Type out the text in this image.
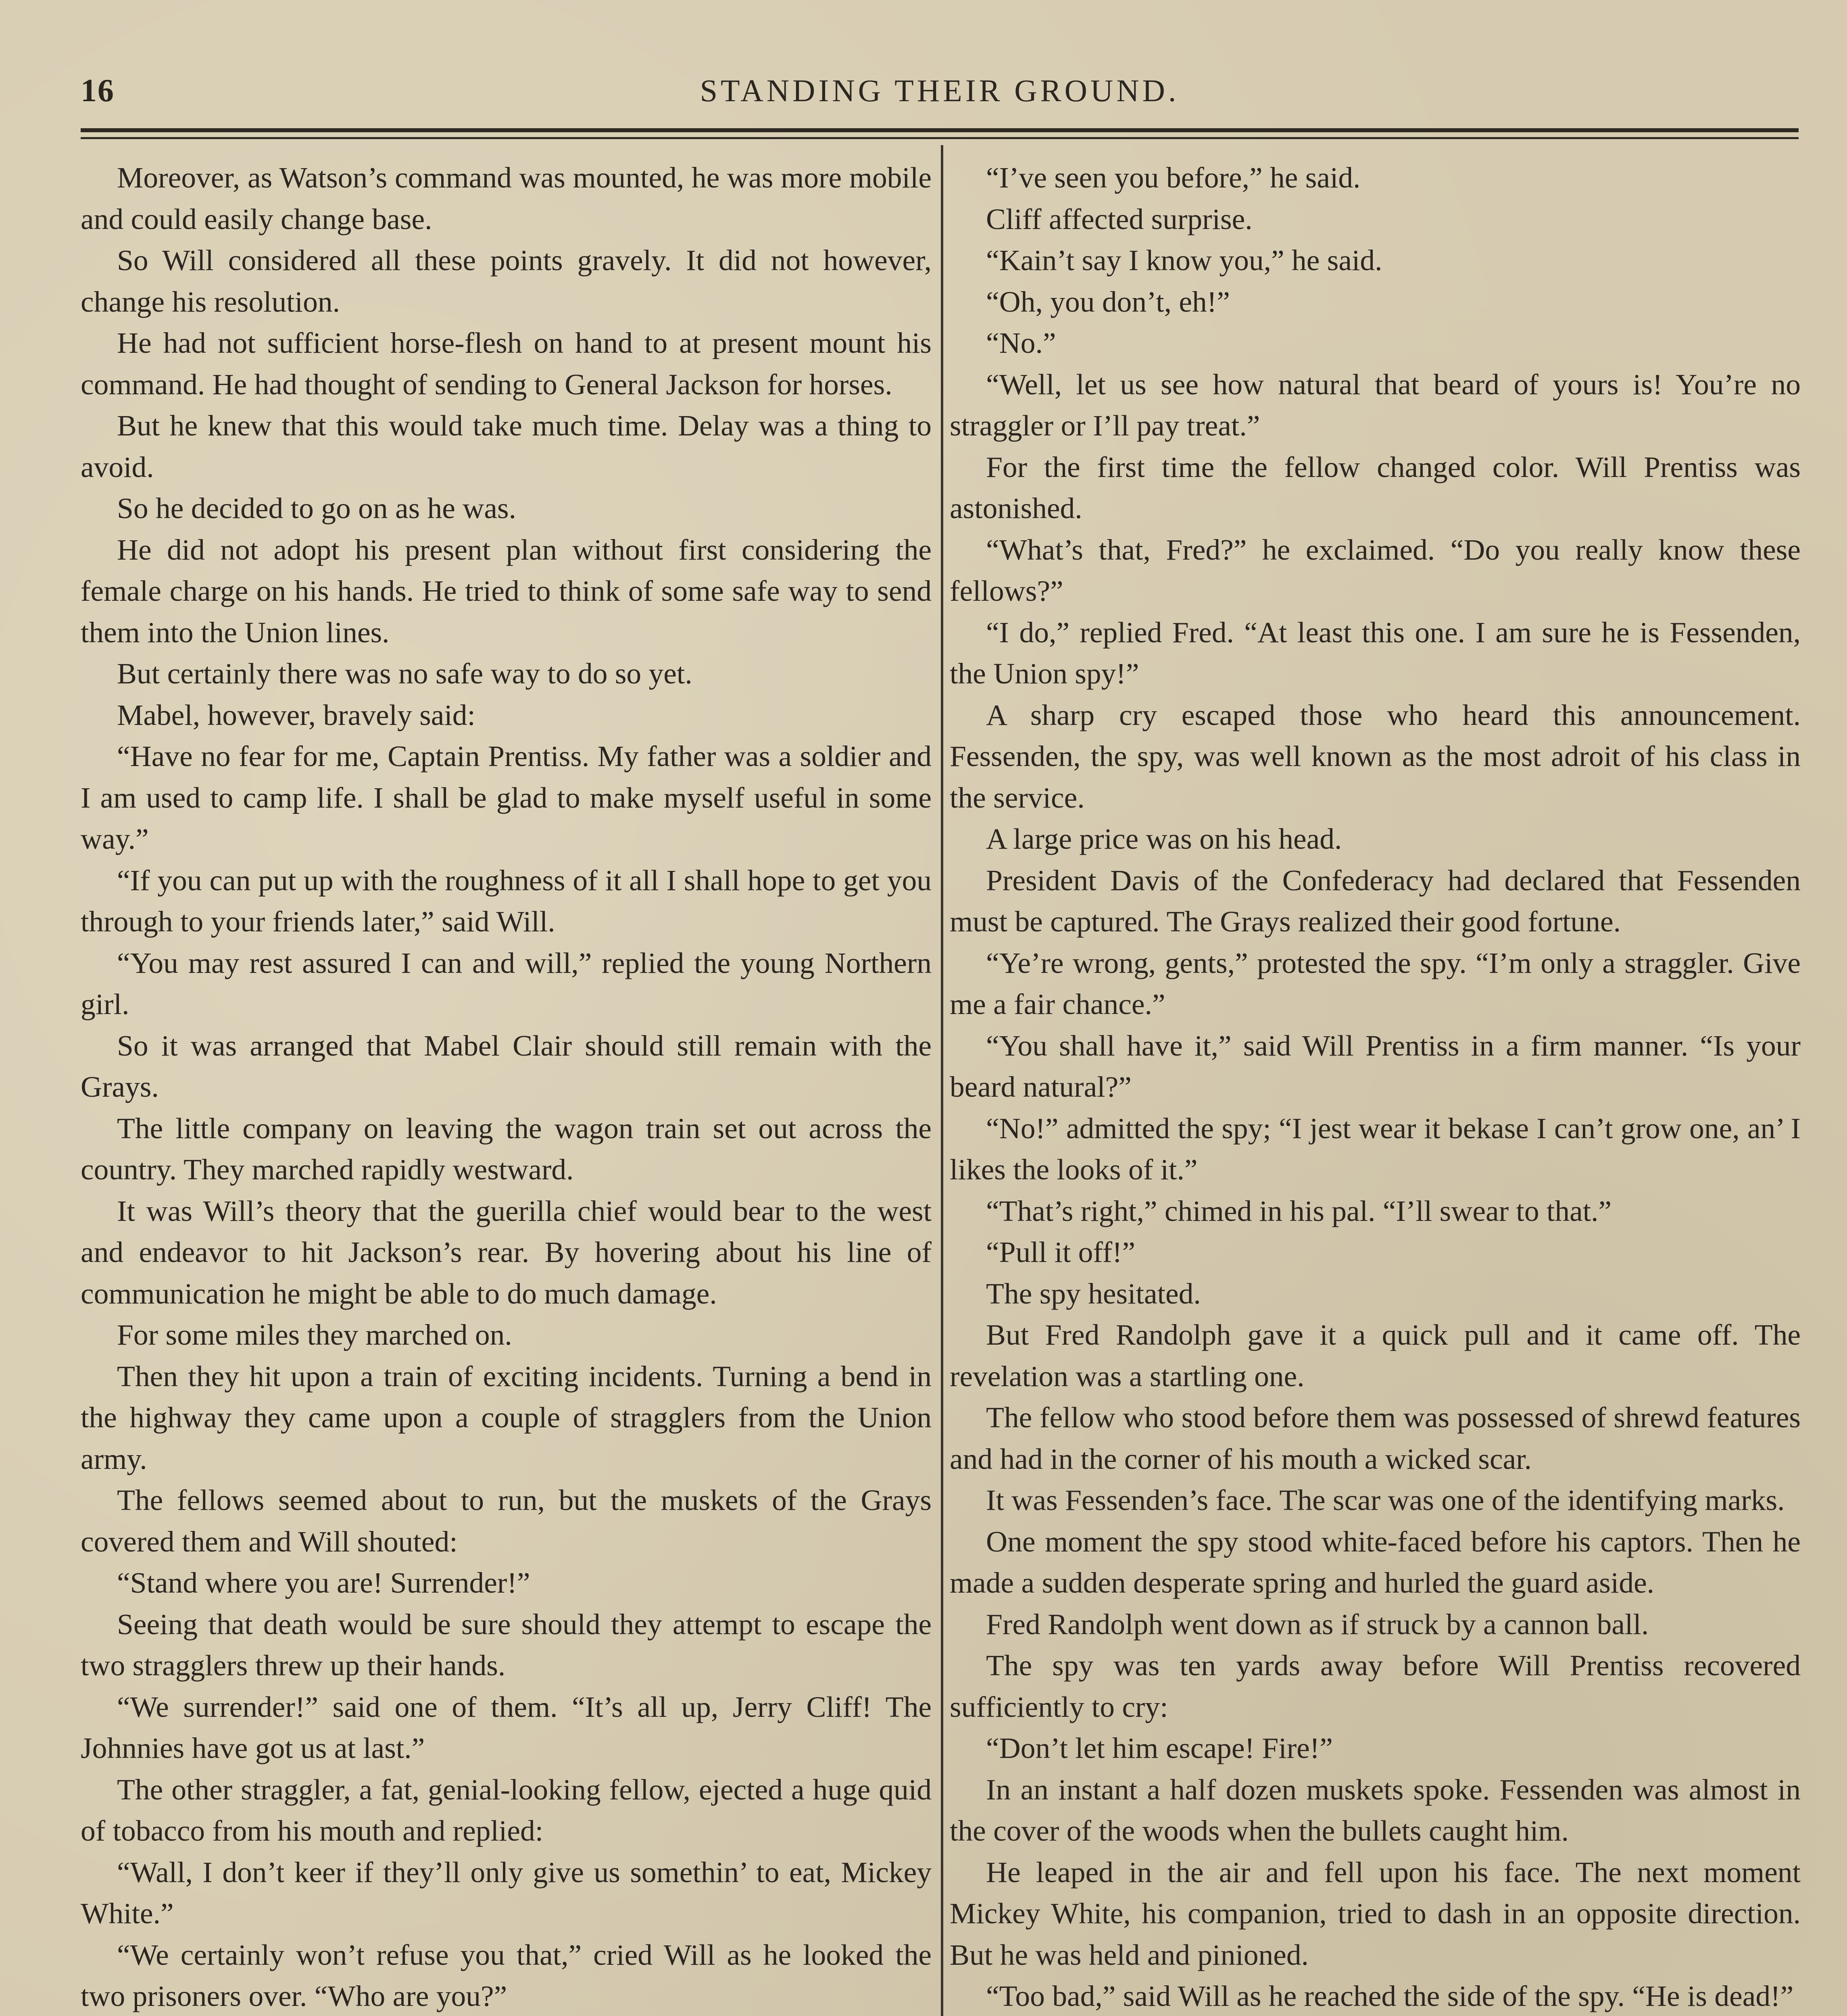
16	STANDING THEIR GROUND.

Moreover, as Watson’s command was mounted, he was more mobile and could easily change base.

So Will considered all these points gravely. It did not however, change his resolution.

He had not sufficient horse-flesh on hand to at present mount his command. He had thought of sending to General Jackson for horses.

But he knew that this would take much time. Delay was a thing to avoid.

So he decided to go on as he was.

He did not adopt his present plan without first considering the female charge on his hands. He tried to think of some safe way to send them into the Union lines.

But certainly there was no safe way to do so yet.

Mabel, however, bravely said:

“Have no fear for me, Captain Prentiss. My father was a soldier and I am used to camp life. I shall be glad to make myself useful in some way.”

“If you can put up with the roughness of it all I shall hope to get you through to your friends later,” said Will.

“You may rest assured I can and will,” replied the young Northern girl.

So it was arranged that Mabel Clair should still remain with the Grays.

The little company on leaving the wagon train set out across the country. They marched rapidly westward.

It was Will’s theory that the guerilla chief would bear to the west and endeavor to hit Jackson’s rear. By hovering about his line of communication he might be able to do much damage.

For some miles they marched on.

Then they hit upon a train of exciting incidents. Turning a bend in the highway they came upon a couple of stragglers from the Union army.

The fellows seemed about to run, but the muskets of the Grays covered them and Will shouted:

“Stand where you are! Surrender!”

Seeing that death would be sure should they attempt to escape the two stragglers threw up their hands.

“We surrender!” said one of them. “It’s all up, Jerry Cliff! The Johnnies have got us at last.”

The other straggler, a fat, genial-looking fellow, ejected a huge quid of tobacco from his mouth and replied:

“Wall, I don’t keer if they’ll only give us somethin’ to eat, Mickey White.”

“We certainly won’t refuse you that,” cried Will as he looked the two prisoners over. “Who are you?”

“I’ve seen you before,” he said.

Cliff affected surprise.

“Kain’t say I know you,” he said.

“Oh, you don’t, eh!”

“No.”

“Well, let us see how natural that beard of yours is! You’re no straggler or I’ll pay treat.”

For the first time the fellow changed color. Will Prentiss was astonished.

“What’s that, Fred?” he exclaimed. “Do you really know these fellows?”

“I do,” replied Fred. “At least this one. I am sure he is Fessenden, the Union spy!”

A sharp cry escaped those who heard this announcement. Fessenden, the spy, was well known as the most adroit of his class in the service.

A large price was on his head.

President Davis of the Confederacy had declared that Fessenden must be captured. The Grays realized their good fortune.

“Ye’re wrong, gents,” protested the spy. “I’m only a straggler. Give me a fair chance.”

“You shall have it,” said Will Prentiss in a firm manner. “Is your beard natural?”

“No!” admitted the spy; “I jest wear it bekase I can’t grow one, an’ I likes the looks of it.”

“That’s right,” chimed in his pal. “I’ll swear to that.”

“Pull it off!”

The spy hesitated.

But Fred Randolph gave it a quick pull and it came off. The revelation was a startling one.

The fellow who stood before them was possessed of shrewd features and had in the corner of his mouth a wicked scar.

It was Fessenden’s face. The scar was one of the identifying marks.

One moment the spy stood white-faced before his captors. Then he made a sudden desperate spring and hurled the guard aside.

Fred Randolph went down as if struck by a cannon ball.

The spy was ten yards away before Will Prentiss recovered sufficiently to cry:

“Don’t let him escape! Fire!”

In an instant a half dozen muskets spoke. Fessenden was almost in the cover of the woods when the bullets caught him.

He leaped in the air and fell upon his face. The next moment Mickey White, his companion, tried to dash in an opposite direction. But he was held and pinioned.

“Too bad,” said Will as he reached the side of the spy. “He is dead!”
